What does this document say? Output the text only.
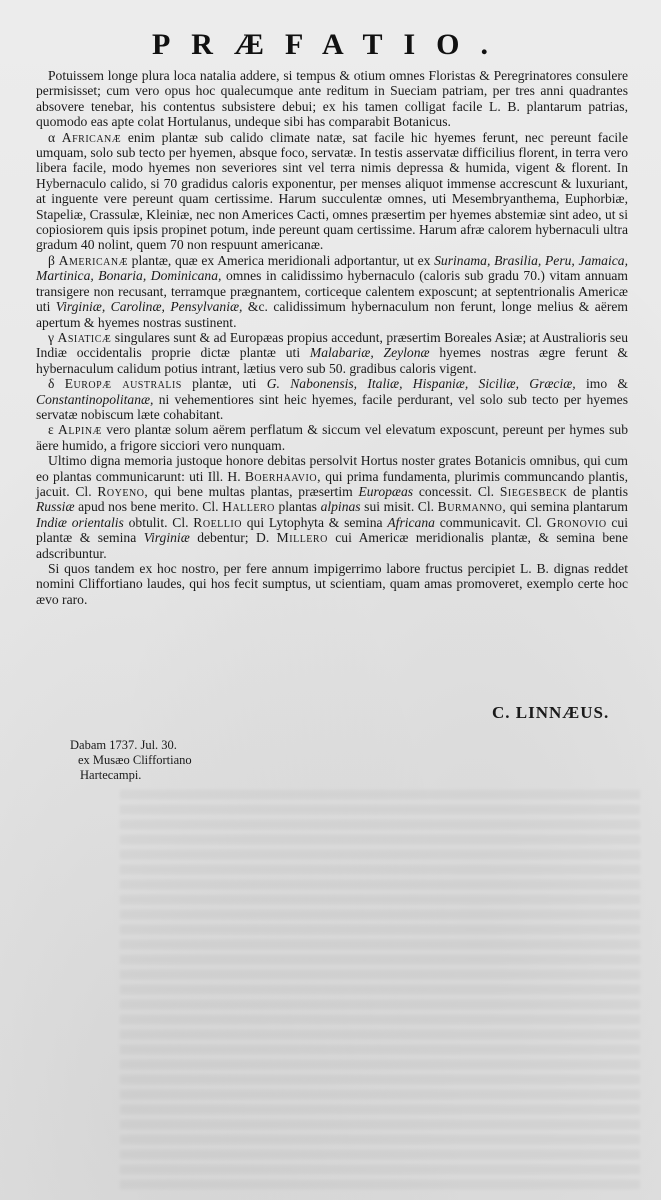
PRÆFATIO.

Potuissem longe plura loca natalia addere, si tempus & otium omnes Floristas & Peregrinatores consulere permisisset; cum vero opus hoc qualecumque ante reditum in Sueciam patriam, per tres anni quadrantes absovere tenebar, his contentus subsistere debui; ex his tamen colligat facile L. B. plantarum patrias, quomodo eas apte colat Hortulanus, undeque sibi has comparabit Botanicus.

α Africanæ enim plantæ sub calido climate natæ, sat facile hic hyemes ferunt, nec pereunt facile umquam, solo sub tecto per hyemen, absque foco, servatæ. In testis asservatæ difficilius florent, in terra vero libera facile, modo hyemes non severiores sint vel terra nimis depressa & humida, vigent & florent. In Hybernaculo calido, si 70 gradidus caloris exponentur, per menses aliquot immense accrescunt & luxuriant, at inguente vere pereunt quam certissime. Harum succulentæ omnes, uti Mesembryanthema, Euphorbiæ, Stapeliæ, Crassulæ, Kleiniæ, nec non Americes Cacti, omnes præsertim per hyemes abstemiæ sint adeo, ut si copiosiorem quis ipsis propinet potum, inde pereunt quam certissime. Harum afræ calorem hybernaculi ultra gradum 40 nolint, quem 70 non respuunt americanæ.

β Americanæ plantæ, quæ ex America meridionali adportantur, ut ex Surinama, Brasilia, Peru, Jamaica, Martinica, Bonaria, Dominicana, omnes in calidissimo hybernaculo (caloris sub gradu 70.) vitam annuam transigere non recusant, terramque prægnantem, corticeque calentem exposcunt; at septentrionalis Americæ uti Virginiæ, Carolinæ, Pensylvaniæ, &c. calidissimum hybernaculum non ferunt, longe melius & aërem apertum & hyemes nostras sustinent.

γ Asiaticæ singulares sunt & ad Europæas propius accedunt, præsertim Boreales Asiæ; at Australioris seu Indiæ occidentalis proprie dictæ plantæ uti Malabariæ, Zeylonæ hyemes nostras ægre ferunt & hybernaculum calidum potius intrant, lætius vero sub 50. gradibus caloris vigent.

δ Europæ australis plantæ, uti G. Nabonensis, Italiæ, Hispaniæ, Siciliæ, Græciæ, imo & Constantinopolitanæ, ni vehementiores sint heic hyemes, facile perdurant, vel solo sub tecto per hyemes servatæ nobiscum læte cohabitant.

ε Alpinæ vero plantæ solum aërem perflatum & siccum vel elevatum exposcunt, pereunt per hymes sub äere humido, a frigore sicciori vero nunquam.

Ultimo digna memoria justoque honore debitas persolvit Hortus noster grates Botanicis omnibus, qui cum eo plantas communicarunt: uti Ill. H. Boerhaavio, qui prima fundamenta, plurimis communcando plantis, jacuit. Cl. Royeno, qui bene multas plantas, præsertim Europæas concessit. Cl. Siegesbeck de plantis Russiæ apud nos bene merito. Cl. Hallero plantas alpinas sui misit. Cl. Burmanno, qui semina plantarum Indiæ orientalis obtulit. Cl. Roellio qui Lytophyta & semina Africana communicavit. Cl. Gronovio cui plantæ & semina Virginiæ debentur; D. Millero cui Americæ meridionalis plantæ, & semina bene adscribuntur.

Si quos tandem ex hoc nostro, per fere annum impigerrimo labore fructus percipiet L. B. dignas reddet nomini Cliffortiano laudes, qui hos fecit sumptus, ut scientiam, quam amas promoveret, exemplo certe hoc ævo raro.

C. LINNÆUS.
Dabam 1737. Jul. 30.
ex Musæo Cliffortiano
Hartecampi.
